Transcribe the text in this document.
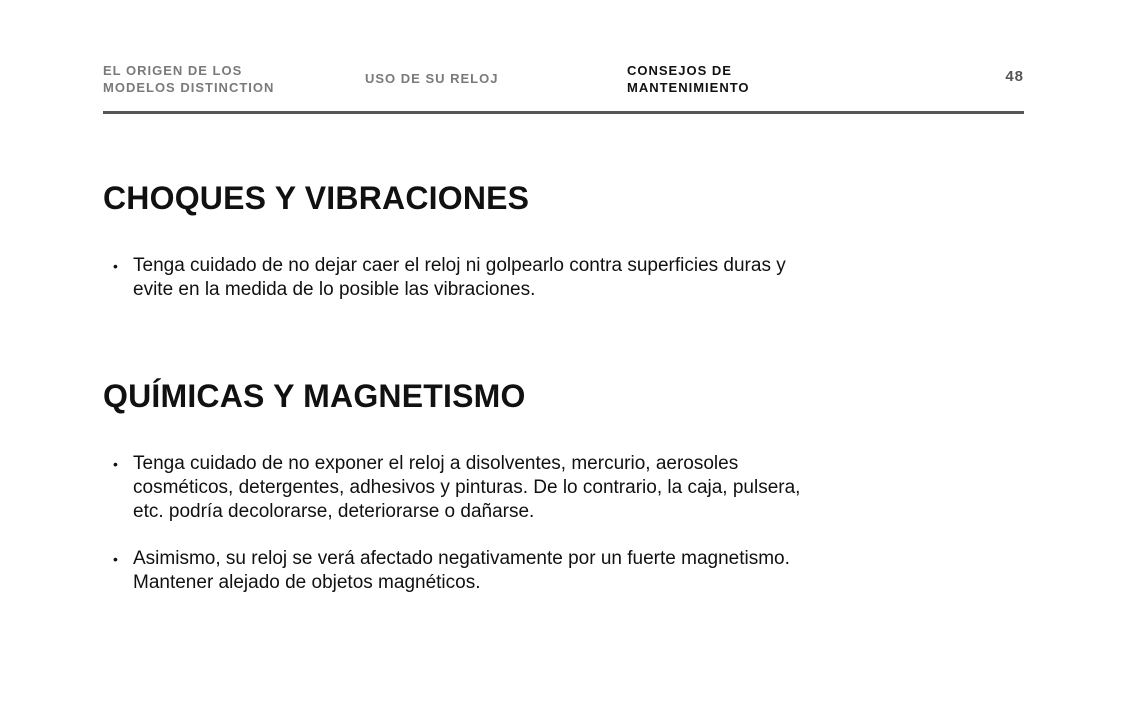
EL ORIGEN DE LOS
MODELOS DISTINCTION
USO DE SU RELOJ
CONSEJOS DE
MANTENIMIENTO
48
CHOQUES Y VIBRACIONES
• Tenga cuidado de no dejar caer el reloj ni golpearlo contra superficies duras y
evite en la medida de lo posible las vibraciones.
QUÍMICAS Y MAGNETISMO
• Tenga cuidado de no exponer el reloj a disolventes, mercurio, aerosoles
cosméticos, detergentes, adhesivos y pinturas. De lo contrario, la caja, pulsera,
etc. podría decolorarse, deteriorarse o dañarse.
• Asimismo, su reloj se verá afectado negativamente por un fuerte magnetismo.
Mantener alejado de objetos magnéticos.
